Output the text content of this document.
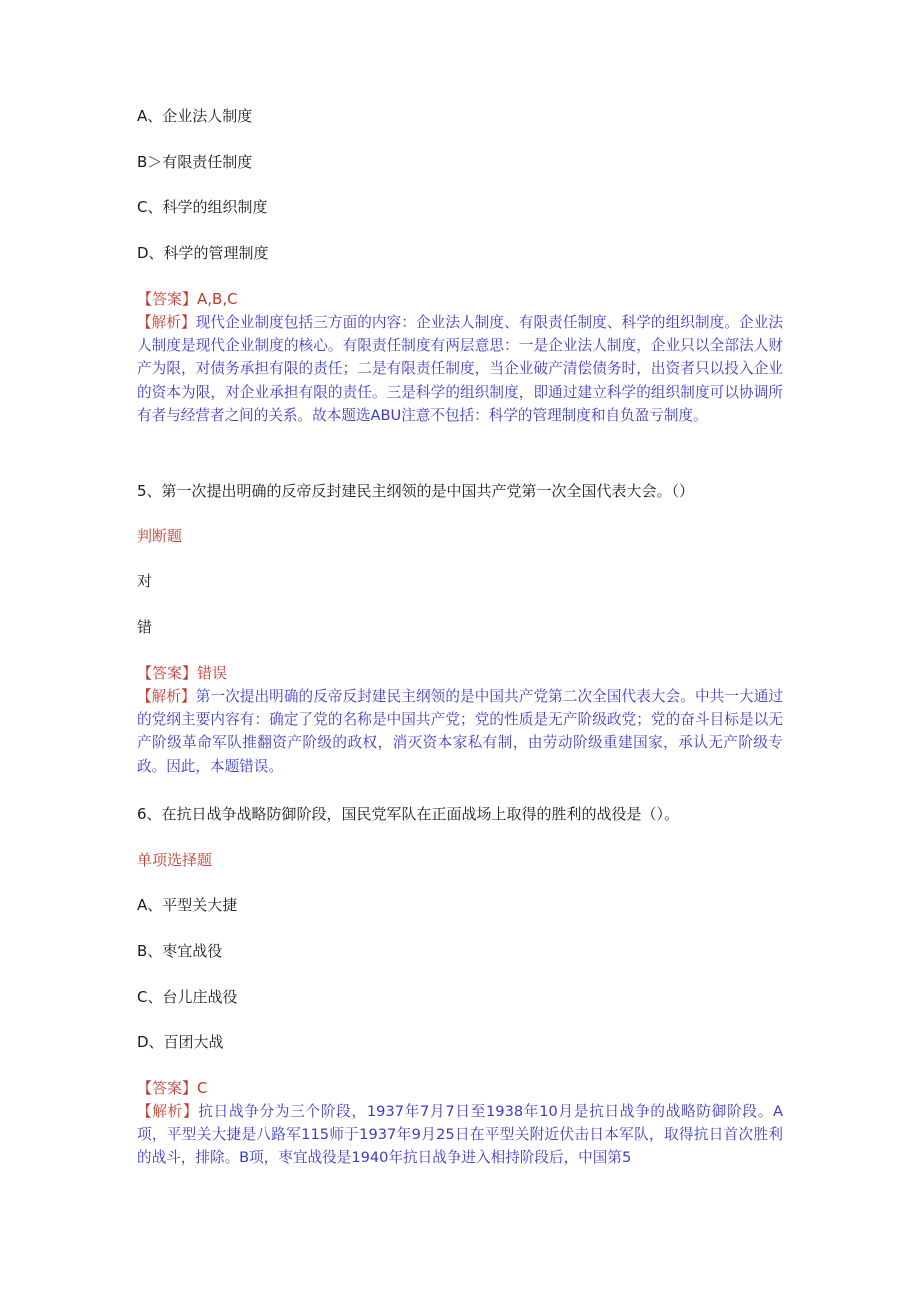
A、企业法人制度
B＞有限责任制度
C、科学的组织制度
D、科学的管理制度
【答案】A,B,C
【解析】现代企业制度包括三方面的内容：企业法人制度、有限责任制度、科学的组织制度。企业法人制度是现代企业制度的核心。有限责任制度有两层意思：一是企业法人制度，企业只以全部法人财产为限，对债务承担有限的责任；二是有限责任制度，当企业破产清偿债务时，出资者只以投入企业的资本为限，对企业承担有限的责任。三是科学的组织制度，即通过建立科学的组织制度可以协调所有者与经营者之间的关系。故本题选ABU注意不包括：科学的管理制度和自负盈亏制度。
5、第一次提出明确的反帝反封建民主纲领的是中国共产党第一次全国代表大会。（）
判断题
对
错
【答案】错误
【解析】第一次提出明确的反帝反封建民主纲领的是中国共产党第二次全国代表大会。中共一大通过的党纲主要内容有：确定了党的名称是中国共产党；党的性质是无产阶级政党；党的奋斗目标是以无产阶级革命军队推翻资产阶级的政权，消灭资本家私有制，由劳动阶级重建国家，承认无产阶级专政。因此，本题错误。
6、在抗日战争战略防御阶段，国民党军队在正面战场上取得的胜利的战役是（）。
单项选择题
A、平型关大捷
B、枣宜战役
C、台儿庄战役
D、百团大战
【答案】C
【解析】抗日战争分为三个阶段，1937年7月7日至1938年10月是抗日战争的战略防御阶段。A项，平型关大捷是八路军115师于1937年9月25日在平型关附近伏击日本军队，取得抗日首次胜利的战斗，排除。B项，枣宜战役是1940年抗日战争进入相持阶段后，中国第5
